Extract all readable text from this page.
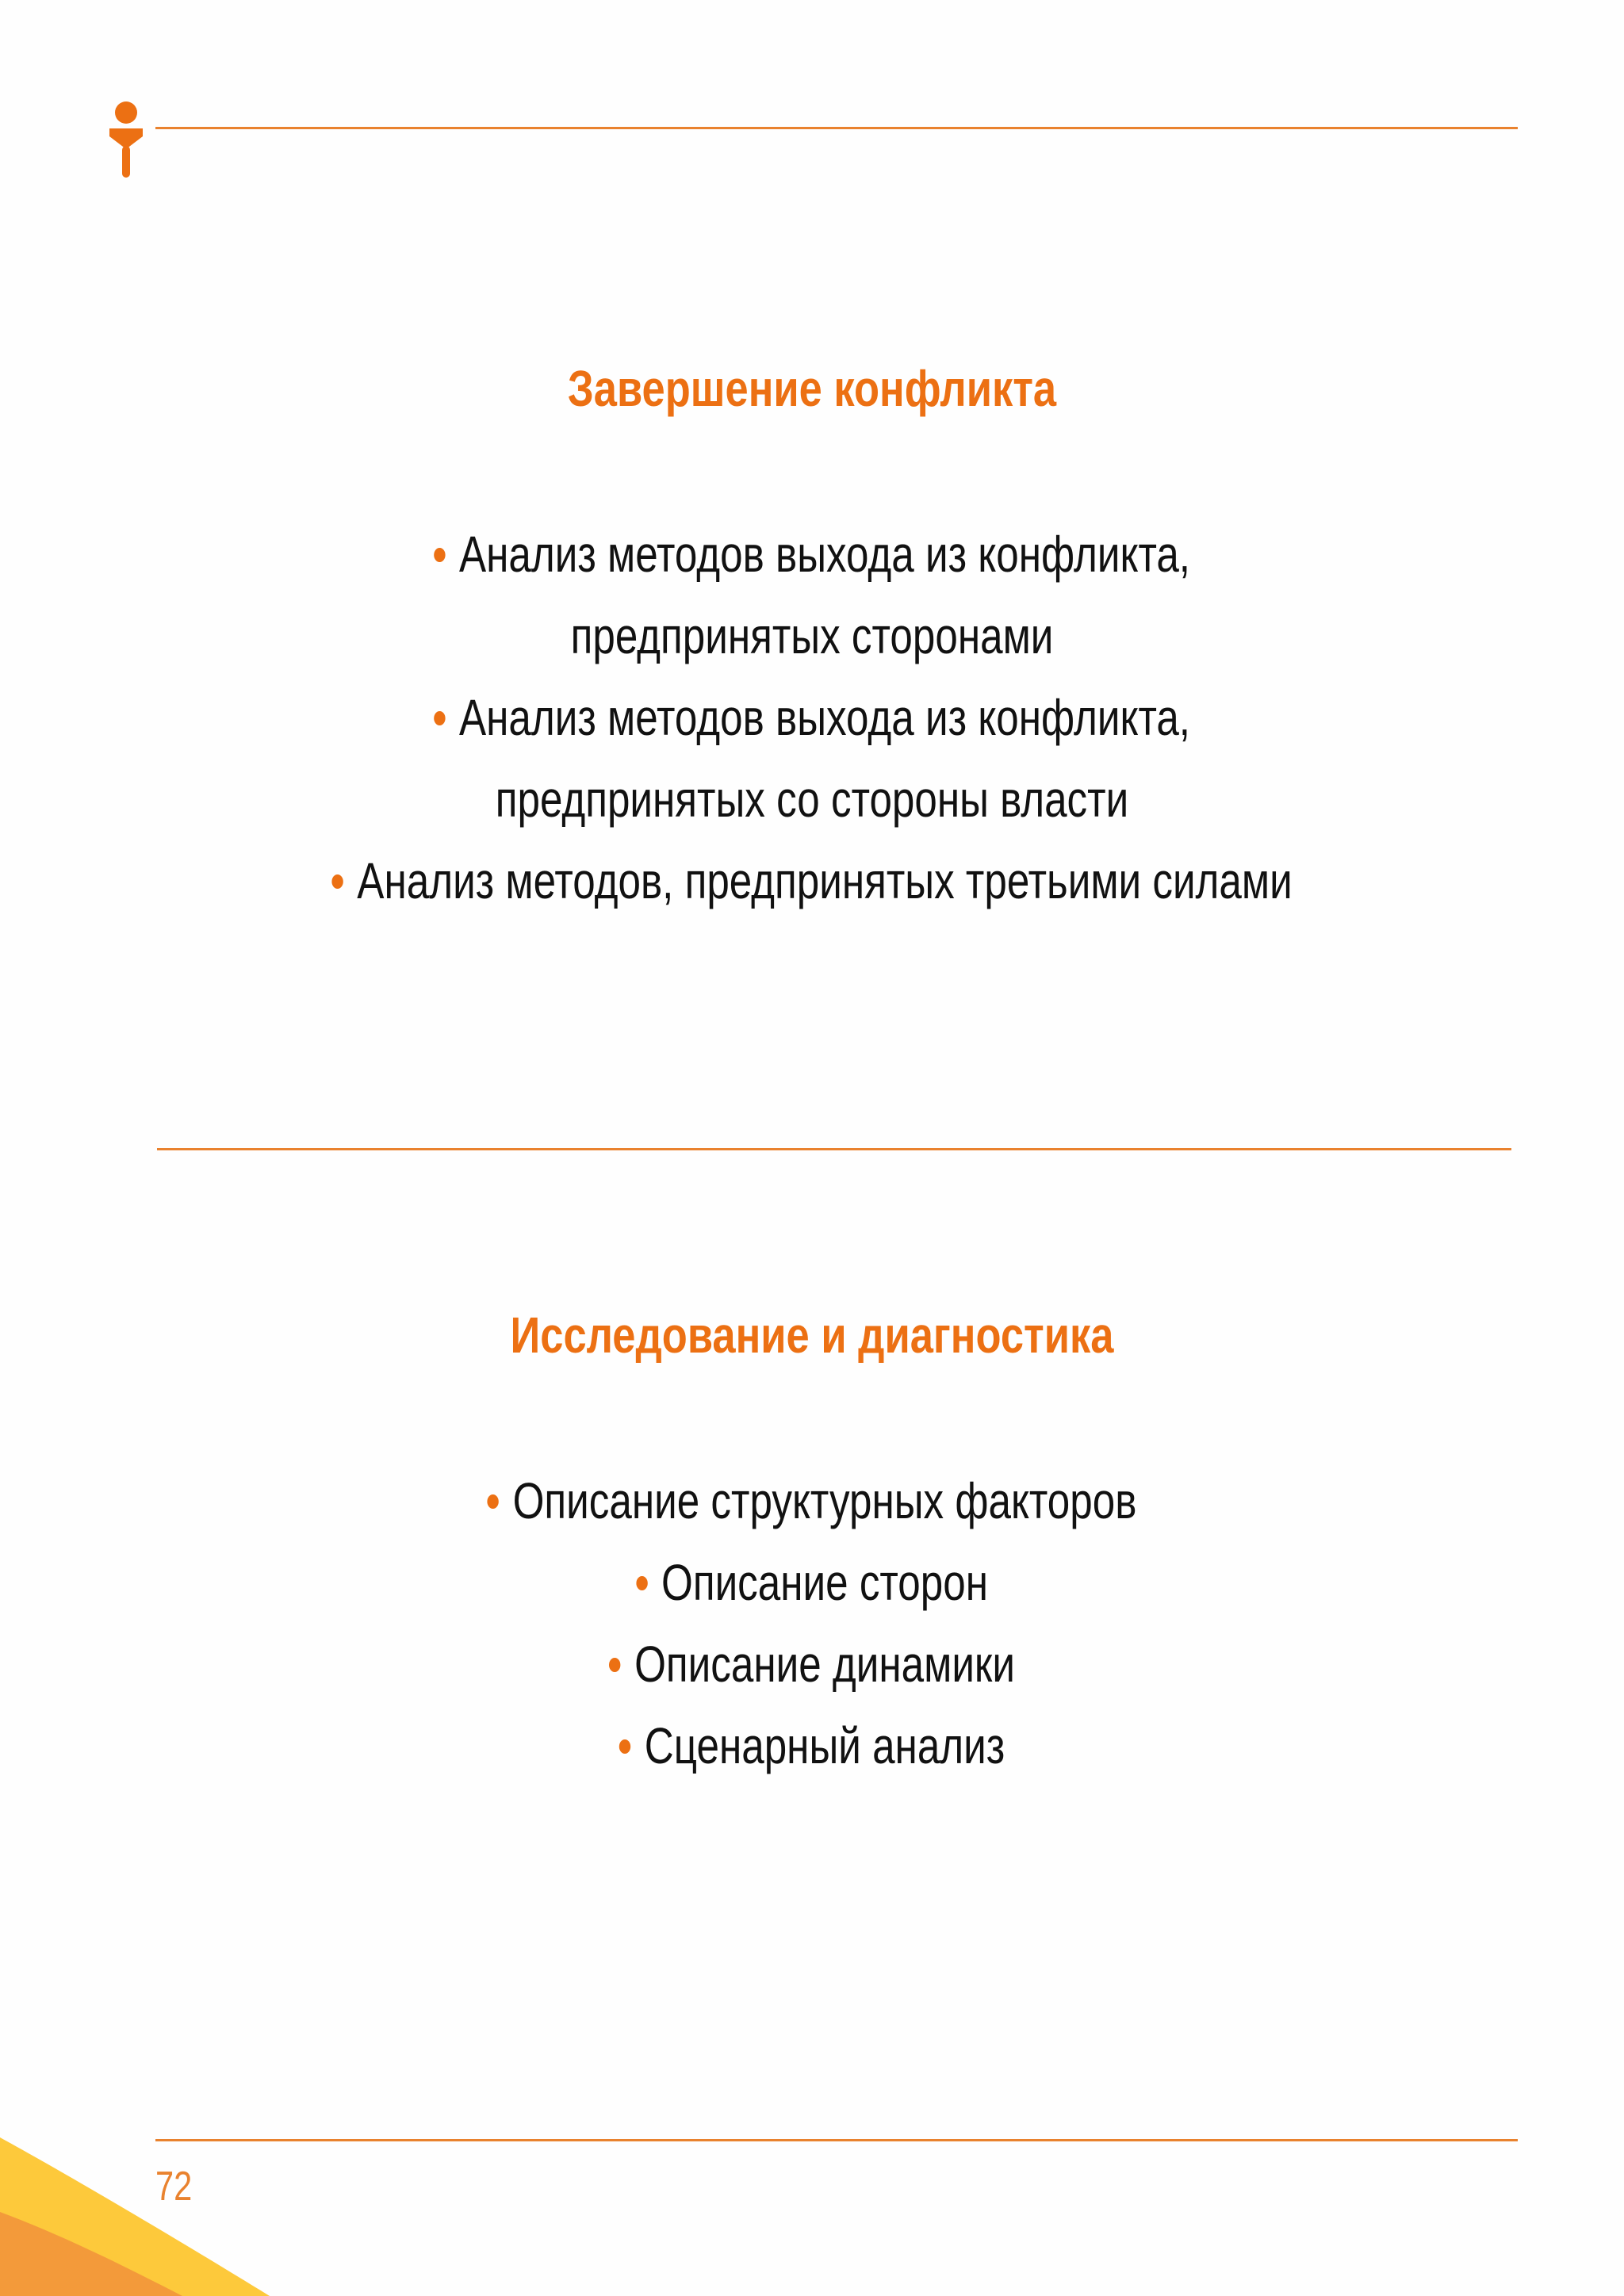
Завершение конфликта
Анализ методов выхода из конфликта,
предпринятых сторонами
Анализ методов выхода из конфликта,
предпринятых со стороны власти
Анализ методов, предпринятых третьими силами
Исследование и диагностика
Описание структурных факторов
Описание сторон
Описание динамики
Сценарный анализ
72
